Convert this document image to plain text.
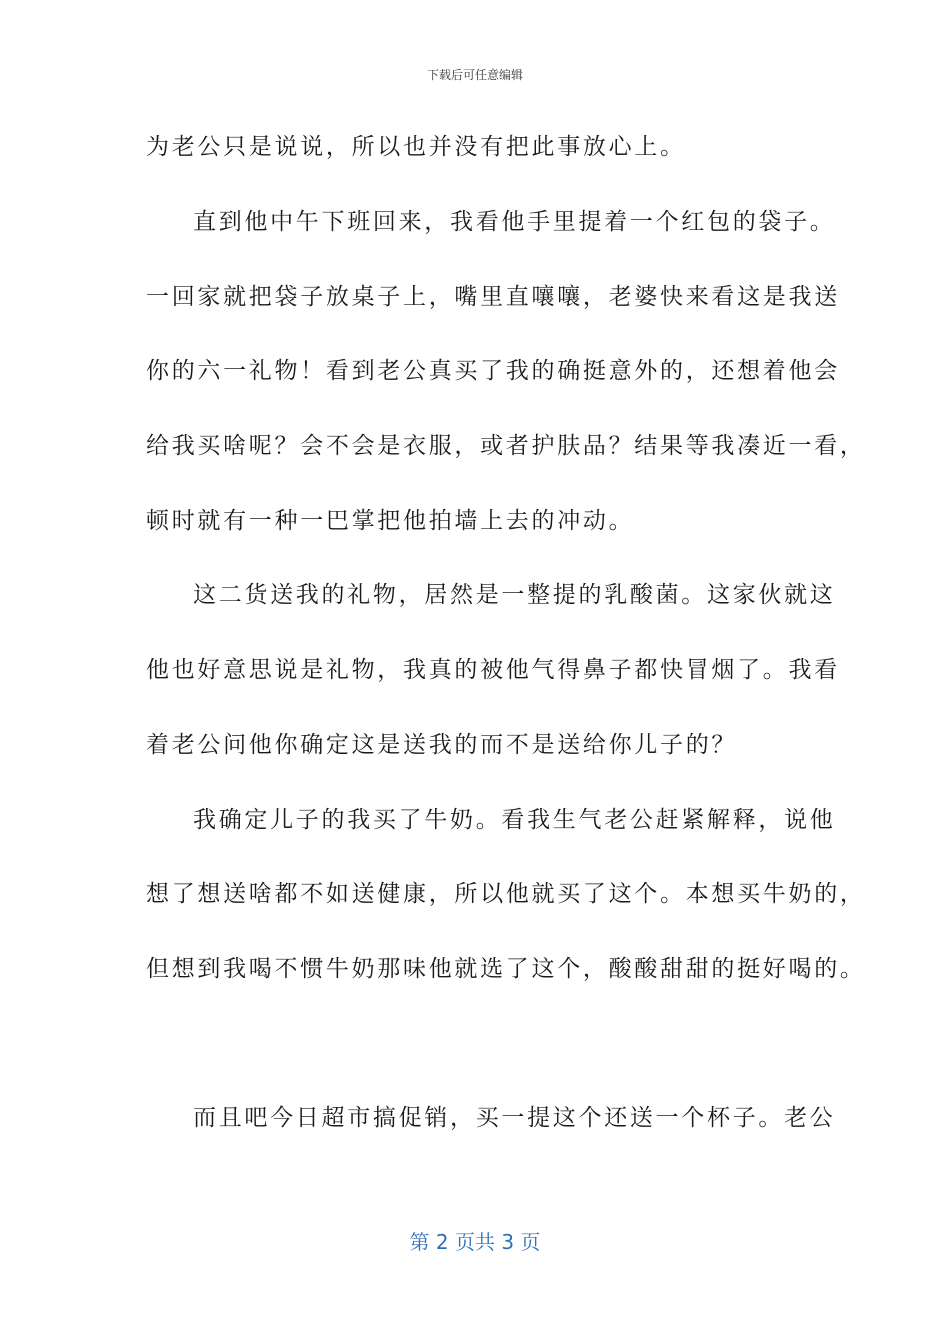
下载后可任意编辑
为老公只是说说，所以也并没有把此事放心上。
直到他中午下班回来，我看他手里提着一个红包的袋子。
一回家就把袋子放桌子上，嘴里直嚷嚷，老婆快来看这是我送
你的六一礼物！看到老公真买了我的确挺意外的，还想着他会
给我买啥呢？会不会是衣服，或者护肤品？结果等我凑近一看，
顿时就有一种一巴掌把他拍墙上去的冲动。
这二货送我的礼物，居然是一整提的乳酸菌。这家伙就这
他也好意思说是礼物，我真的被他气得鼻子都快冒烟了。我看
着老公问他你确定这是送我的而不是送给你儿子的？
我确定儿子的我买了牛奶。看我生气老公赶紧解释，说他
想了想送啥都不如送健康，所以他就买了这个。本想买牛奶的，
但想到我喝不惯牛奶那味他就选了这个，酸酸甜甜的挺好喝的。
而且吧今日超市搞促销，买一提这个还送一个杯子。老公
第 2 页共 3 页
